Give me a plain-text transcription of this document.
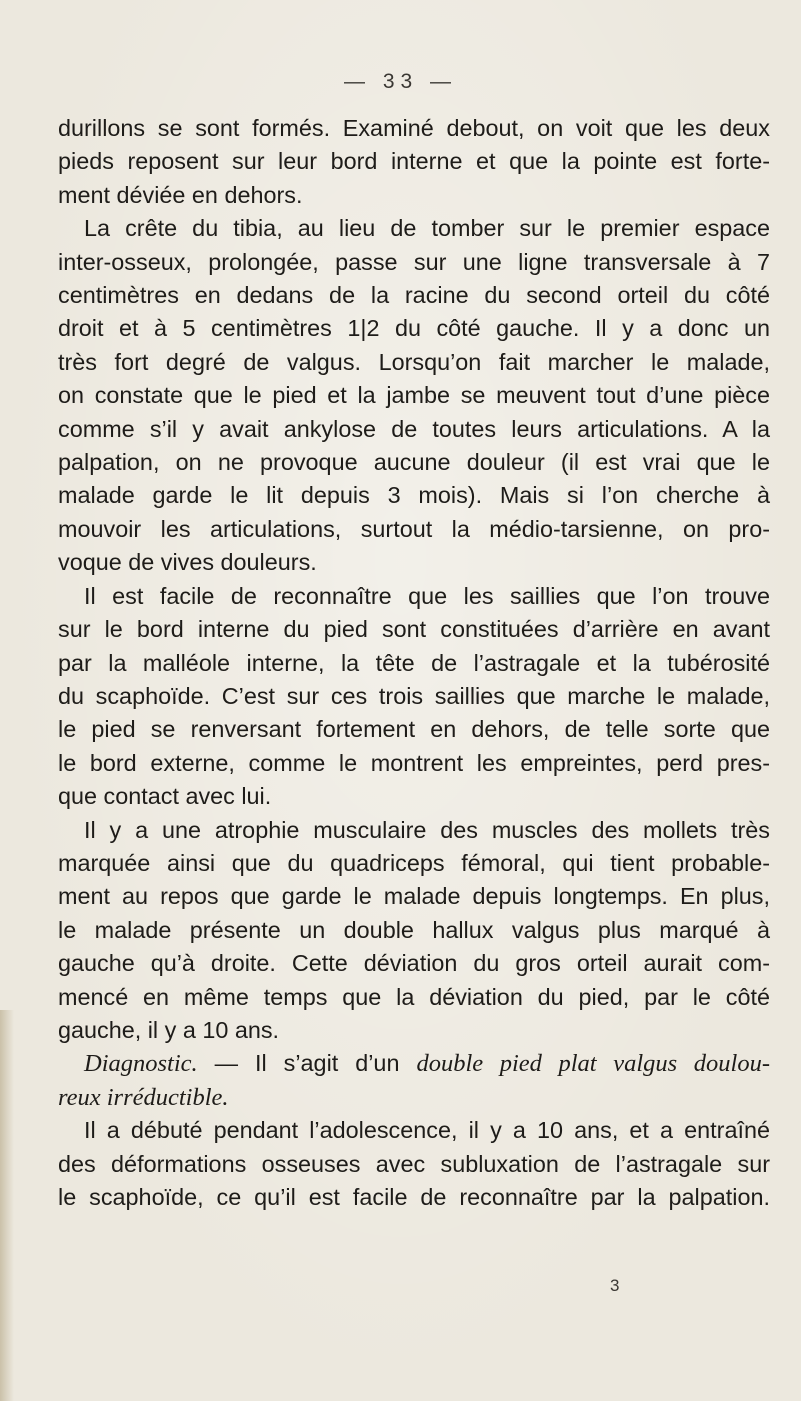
— 33 —
durillons se sont formés. Examiné debout, on voit que les deux
pieds reposent sur leur bord interne et que la pointe est forte-
ment déviée en dehors.
La crête du tibia, au lieu de tomber sur le premier espace
inter-osseux, prolongée, passe sur une ligne transversale à 7
centimètres en dedans de la racine du second orteil du côté
droit et à 5 centimètres 1|2 du côté gauche. Il y a donc un
très fort degré de valgus. Lorsqu’on fait marcher le malade,
on constate que le pied et la jambe se meuvent tout d’une pièce
comme s’il y avait ankylose de toutes leurs articulations. A la
palpation, on ne provoque aucune douleur (il est vrai que le
malade garde le lit depuis 3 mois). Mais si l’on cherche à
mouvoir les articulations, surtout la médio-tarsienne, on pro-
voque de vives douleurs.
Il est facile de reconnaître que les saillies que l’on trouve
sur le bord interne du pied sont constituées d’arrière en avant
par la malléole interne, la tête de l’astragale et la tubérosité
du scaphoïde. C’est sur ces trois saillies que marche le malade,
le pied se renversant fortement en dehors, de telle sorte que
le bord externe, comme le montrent les empreintes, perd pres-
que contact avec lui.
Il y a une atrophie musculaire des muscles des mollets très
marquée ainsi que du quadriceps fémoral, qui tient probable-
ment au repos que garde le malade depuis longtemps. En plus,
le malade présente un double hallux valgus plus marqué à
gauche qu’à droite. Cette déviation du gros orteil aurait com-
mencé en même temps que la déviation du pied, par le côté
gauche, il y a 10 ans.
Diagnostic. — Il s’agit d’un double pied plat valgus doulou-
reux irréductible.
Il a débuté pendant l’adolescence, il y a 10 ans, et a entraîné
des déformations osseuses avec subluxation de l’astragale sur
le scaphoïde, ce qu’il est facile de reconnaître par la palpation.
3
